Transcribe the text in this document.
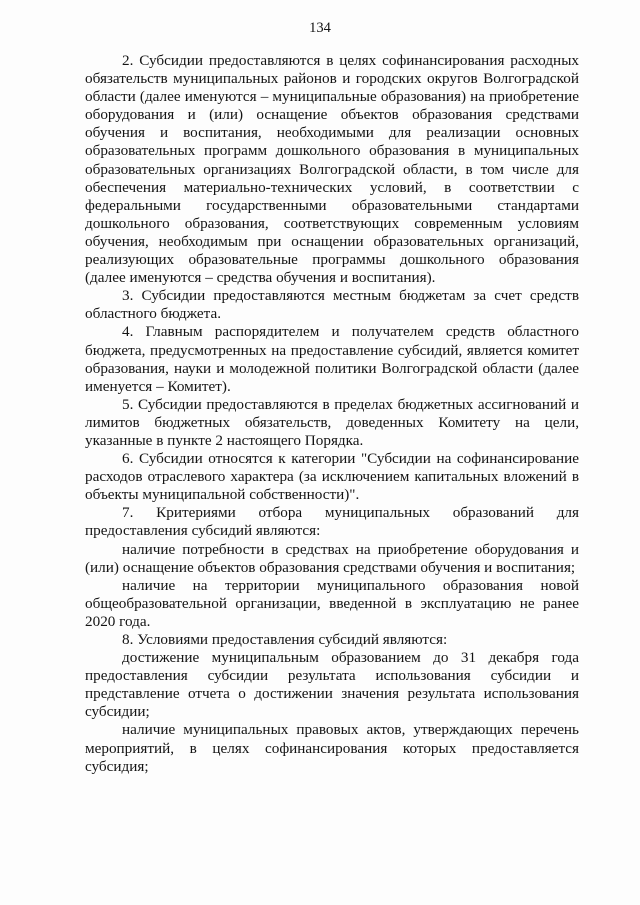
134

2. Субсидии предоставляются в целях софинансирования расходных обязательств муниципальных районов и городских округов Волгоградской области (далее именуются – муниципальные образования) на приобретение оборудования и (или) оснащение объектов образования средствами обучения и воспитания, необходимыми для реализации основных образовательных программ дошкольного образования в муниципальных образовательных организациях Волгоградской области, в том числе для обеспечения материально-технических условий, в соответствии с федеральными государственными образовательными стандартами дошкольного образования, соответствующих современным условиям обучения, необходимым при оснащении образовательных организаций, реализующих образовательные программы дошкольного образования (далее именуются – средства обучения и воспитания).

3. Субсидии предоставляются местным бюджетам за счет средств областного бюджета.

4. Главным распорядителем и получателем средств областного бюджета, предусмотренных на предоставление субсидий, является комитет образования, науки и молодежной политики Волгоградской области (далее именуется – Комитет).

5. Субсидии предоставляются в пределах бюджетных ассигнований и лимитов бюджетных обязательств, доведенных Комитету на цели, указанные в пункте 2 настоящего Порядка.

6. Субсидии относятся к категории "Субсидии на софинансирование расходов отраслевого характера (за исключением капитальных вложений в объекты муниципальной собственности)".

7. Критериями отбора муниципальных образований для предоставления субсидий являются:

наличие потребности в средствах на приобретение оборудования и (или) оснащение объектов образования средствами обучения и воспитания;

наличие на территории муниципального образования новой общеобразовательной организации, введенной в эксплуатацию не ранее 2020 года.

8. Условиями предоставления субсидий являются:

достижение муниципальным образованием до 31 декабря года предоставления субсидии результата использования субсидии и представление отчета о достижении значения результата использования субсидии;

наличие муниципальных правовых актов, утверждающих перечень мероприятий, в целях софинансирования которых предоставляется субсидия;
